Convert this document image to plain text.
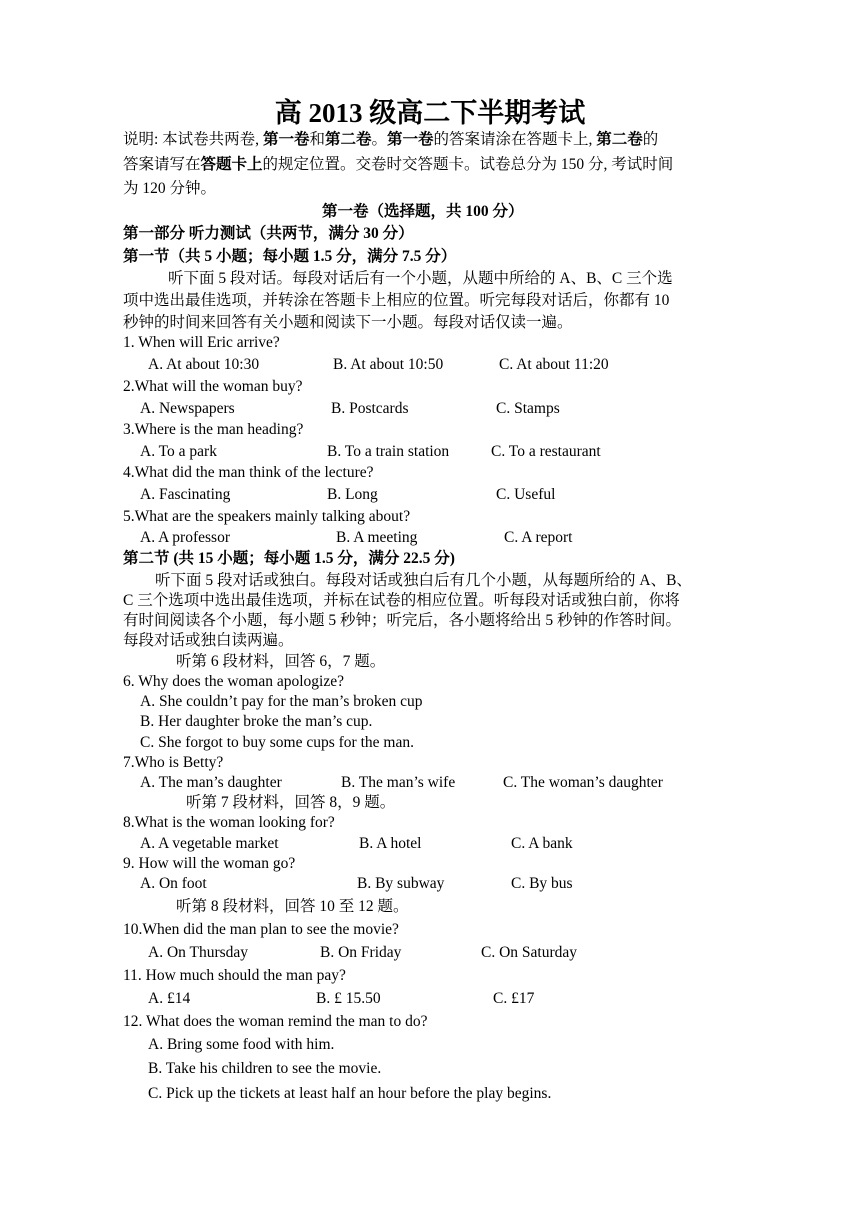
高 2013 级高二下半期考试
说明: 本试卷共两卷, 第一卷和第二卷。第一卷的答案请涂在答题卡上, 第二卷的
答案请写在答题卡上的规定位置。交卷时交答题卡。试卷总分为 150 分, 考试时间
为 120 分钟。
第一卷（选择题，共 100 分）
第一部分 听力测试（共两节，满分 30 分）
第一节（共 5 小题；每小题 1.5 分，满分 7.5 分）
听下面 5 段对话。每段对话后有一个小题，从题中所给的 A、B、C 三个选
项中选出最佳选项，并转涂在答题卡上相应的位置。听完每段对话后，你都有 10
秒钟的时间来回答有关小题和阅读下一小题。每段对话仅读一遍。
1. When will Eric arrive?
A. At about 10:30	B. At about 10:50	C. At about 11:20
2.What will the woman buy?
A. Newspapers	B. Postcards	C. Stamps
3.Where is the man heading?
A. To a park	B. To a train station	C. To a restaurant
4.What did the man think of the lecture?
A. Fascinating	B. Long	C. Useful
5.What are the speakers mainly talking about?
A. A professor	B. A meeting	C. A report
第二节 (共 15 小题；每小题 1.5 分，满分 22.5 分)
听下面 5 段对话或独白。每段对话或独白后有几个小题，从每题所给的 A、B、
C 三个选项中选出最佳选项，并标在试卷的相应位置。听每段对话或独白前，你将
有时间阅读各个小题，每小题 5 秒钟；听完后，各小题将给出 5 秒钟的作答时间。
每段对话或独白读两遍。
听第 6 段材料，回答 6，7 题。
6. Why does the woman apologize?
A. She couldn’t pay for the man’s broken cup
B. Her daughter broke the man’s cup.
C. She forgot to buy some cups for the man.
7.Who is Betty?
A. The man’s daughter	B. The man’s wife	C. The woman’s daughter
听第 7 段材料，回答 8，9 题。
8.What is the woman looking for?
A. A vegetable market	B. A hotel	C. A bank
9. How will the woman go?
A. On foot	B. By subway	C. By bus
听第 8 段材料，回答 10 至 12 题。
10.When did the man plan to see the movie?
A. On Thursday	B. On Friday	C. On Saturday
11. How much should the man pay?
A. £14	B. £ 15.50	C. £17
12. What does the woman remind the man to do?
A. Bring some food with him.
B. Take his children to see the movie.
C. Pick up the tickets at least half an hour before the play begins.
